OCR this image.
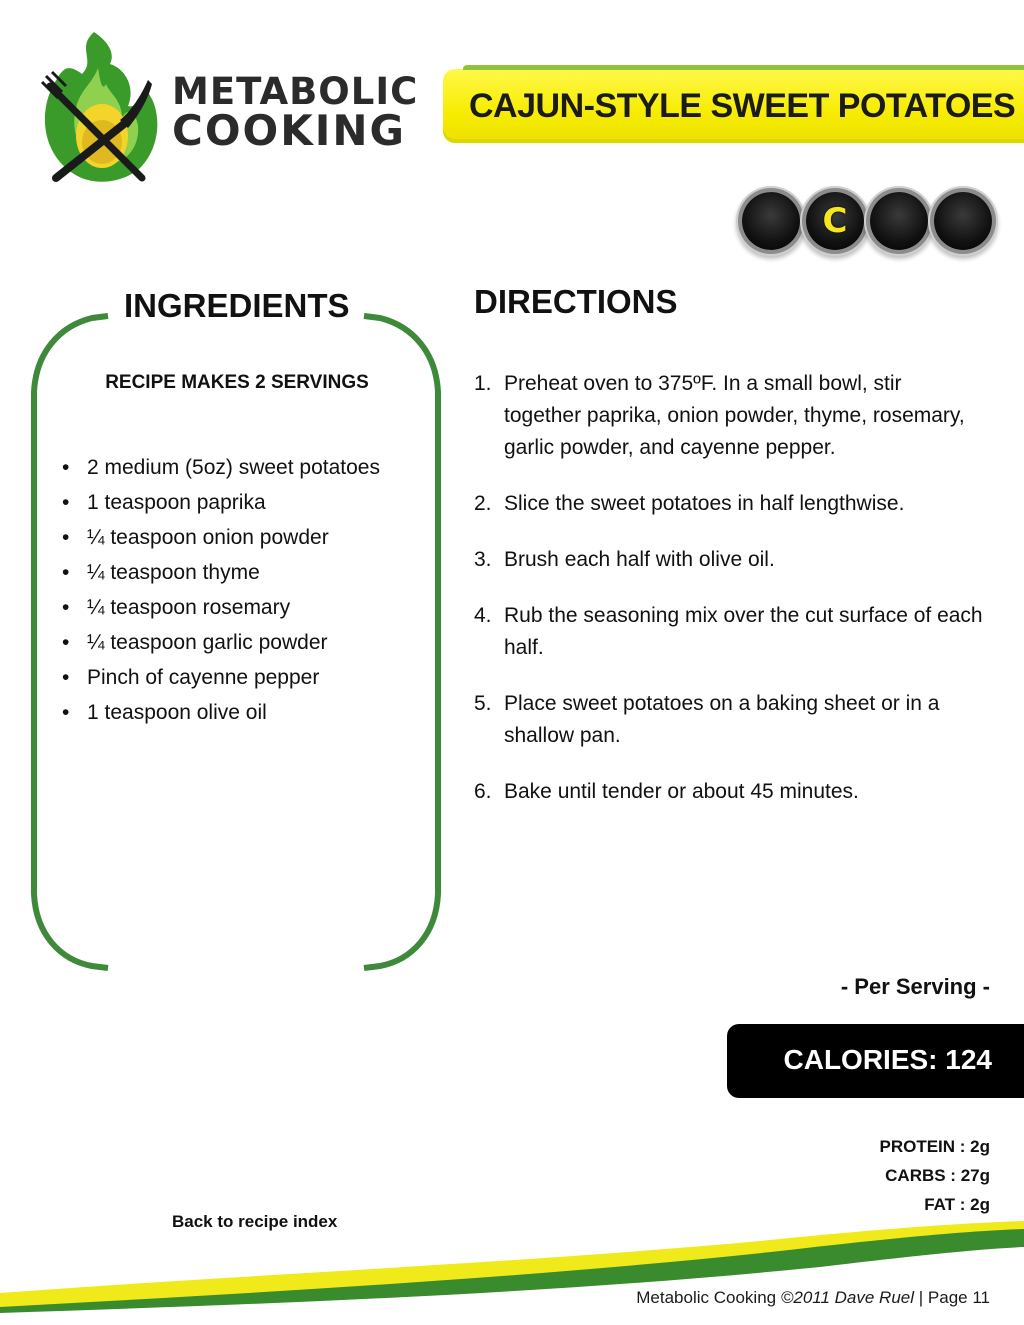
METABOLIC
COOKING CAJUN-STYLE SWEET POTATOES
C
INGREDIENTS
RECIPE MAKES 2 SERVINGS
• 2 medium (5oz) sweet potatoes
• 1 teaspoon paprika
• ¼ teaspoon onion powder
• ¼ teaspoon thyme
• ¼ teaspoon rosemary
• ¼ teaspoon garlic powder
• Pinch of cayenne pepper
• 1 teaspoon olive oil
DIRECTIONS
1. Preheat oven to 375ºF. In a small bowl, stir together paprika, onion powder, thyme, rosemary, garlic powder, and cayenne pepper.
2. Slice the sweet potatoes in half lengthwise.
3. Brush each half with olive oil.
4. Rub the seasoning mix over the cut surface of each half.
5. Place sweet potatoes on a baking sheet or in a shallow pan.
6. Bake until tender or about 45 minutes.
- Per Serving -
CALORIES: 124
PROTEIN : 2g
CARBS : 27g
FAT : 2g
Back to recipe index
Metabolic Cooking ©2011 Dave Ruel | Page 11
